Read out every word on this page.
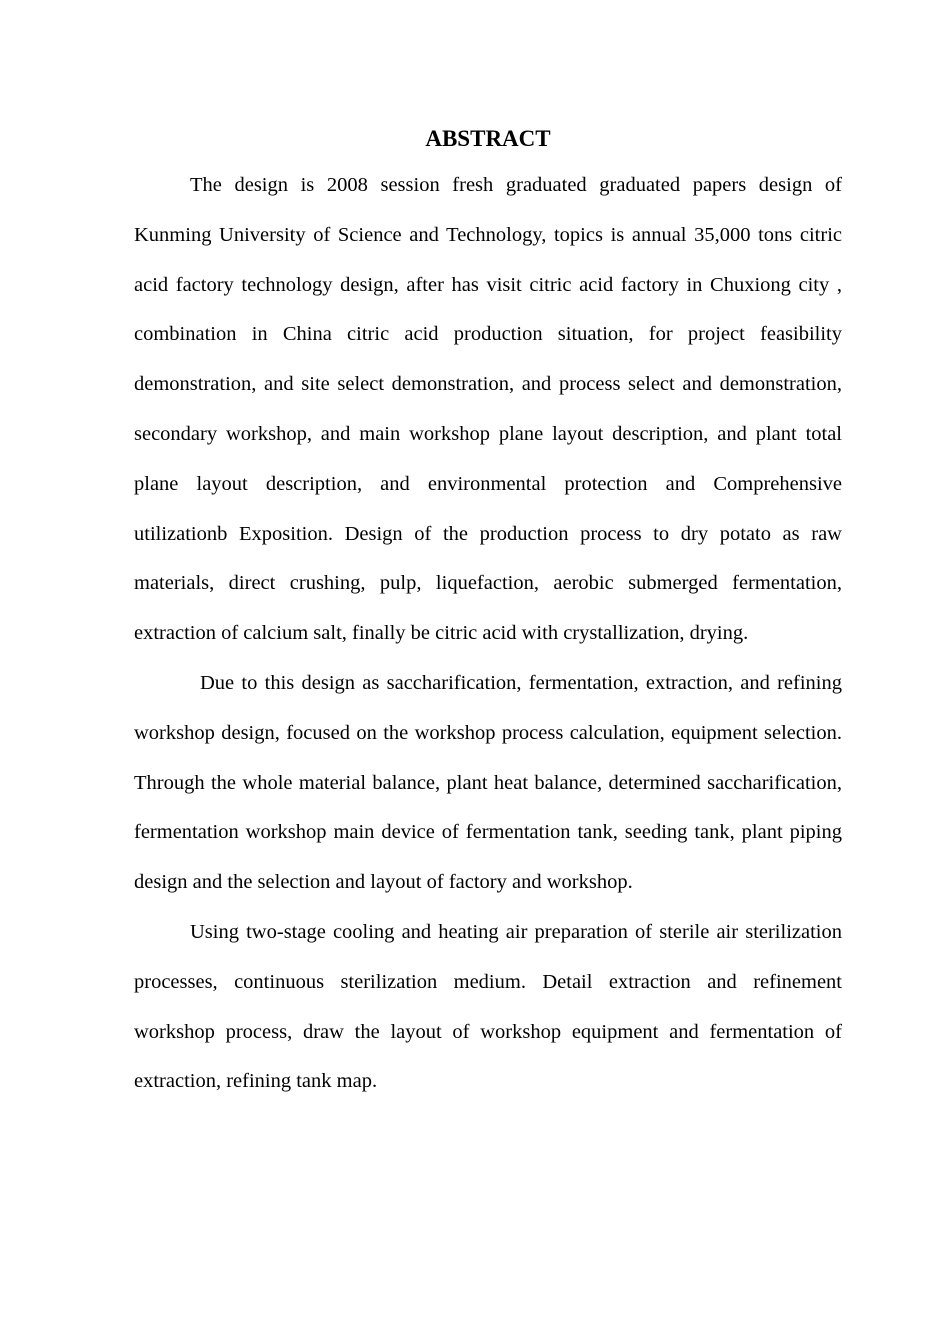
ABSTRACT

The design is 2008 session fresh graduated graduated papers design of Kunming University of Science and Technology, topics is annual 35,000 tons citric acid factory technology design, after has visit citric acid factory in Chuxiong city , combination in China citric acid production situation, for project feasibility demonstration, and site select demonstration, and process select and demonstration, secondary workshop, and main workshop plane layout description, and plant total plane layout description, and environmental protection and Comprehensive utilizationb Exposition. Design of the production process to dry potato as raw materials, direct crushing, pulp, liquefaction, aerobic submerged fermentation, extraction of calcium salt, finally be citric acid with crystallization, drying.

Due to this design as saccharification, fermentation, extraction, and refining workshop design, focused on the workshop process calculation, equipment selection. Through the whole material balance, plant heat balance, determined saccharification, fermentation workshop main device of fermentation tank, seeding tank, plant piping design and the selection and layout of factory and workshop.

Using two-stage cooling and heating air preparation of sterile air sterilization processes, continuous sterilization medium. Detail extraction and refinement workshop process, draw the layout of workshop equipment and fermentation of extraction, refining tank map.
